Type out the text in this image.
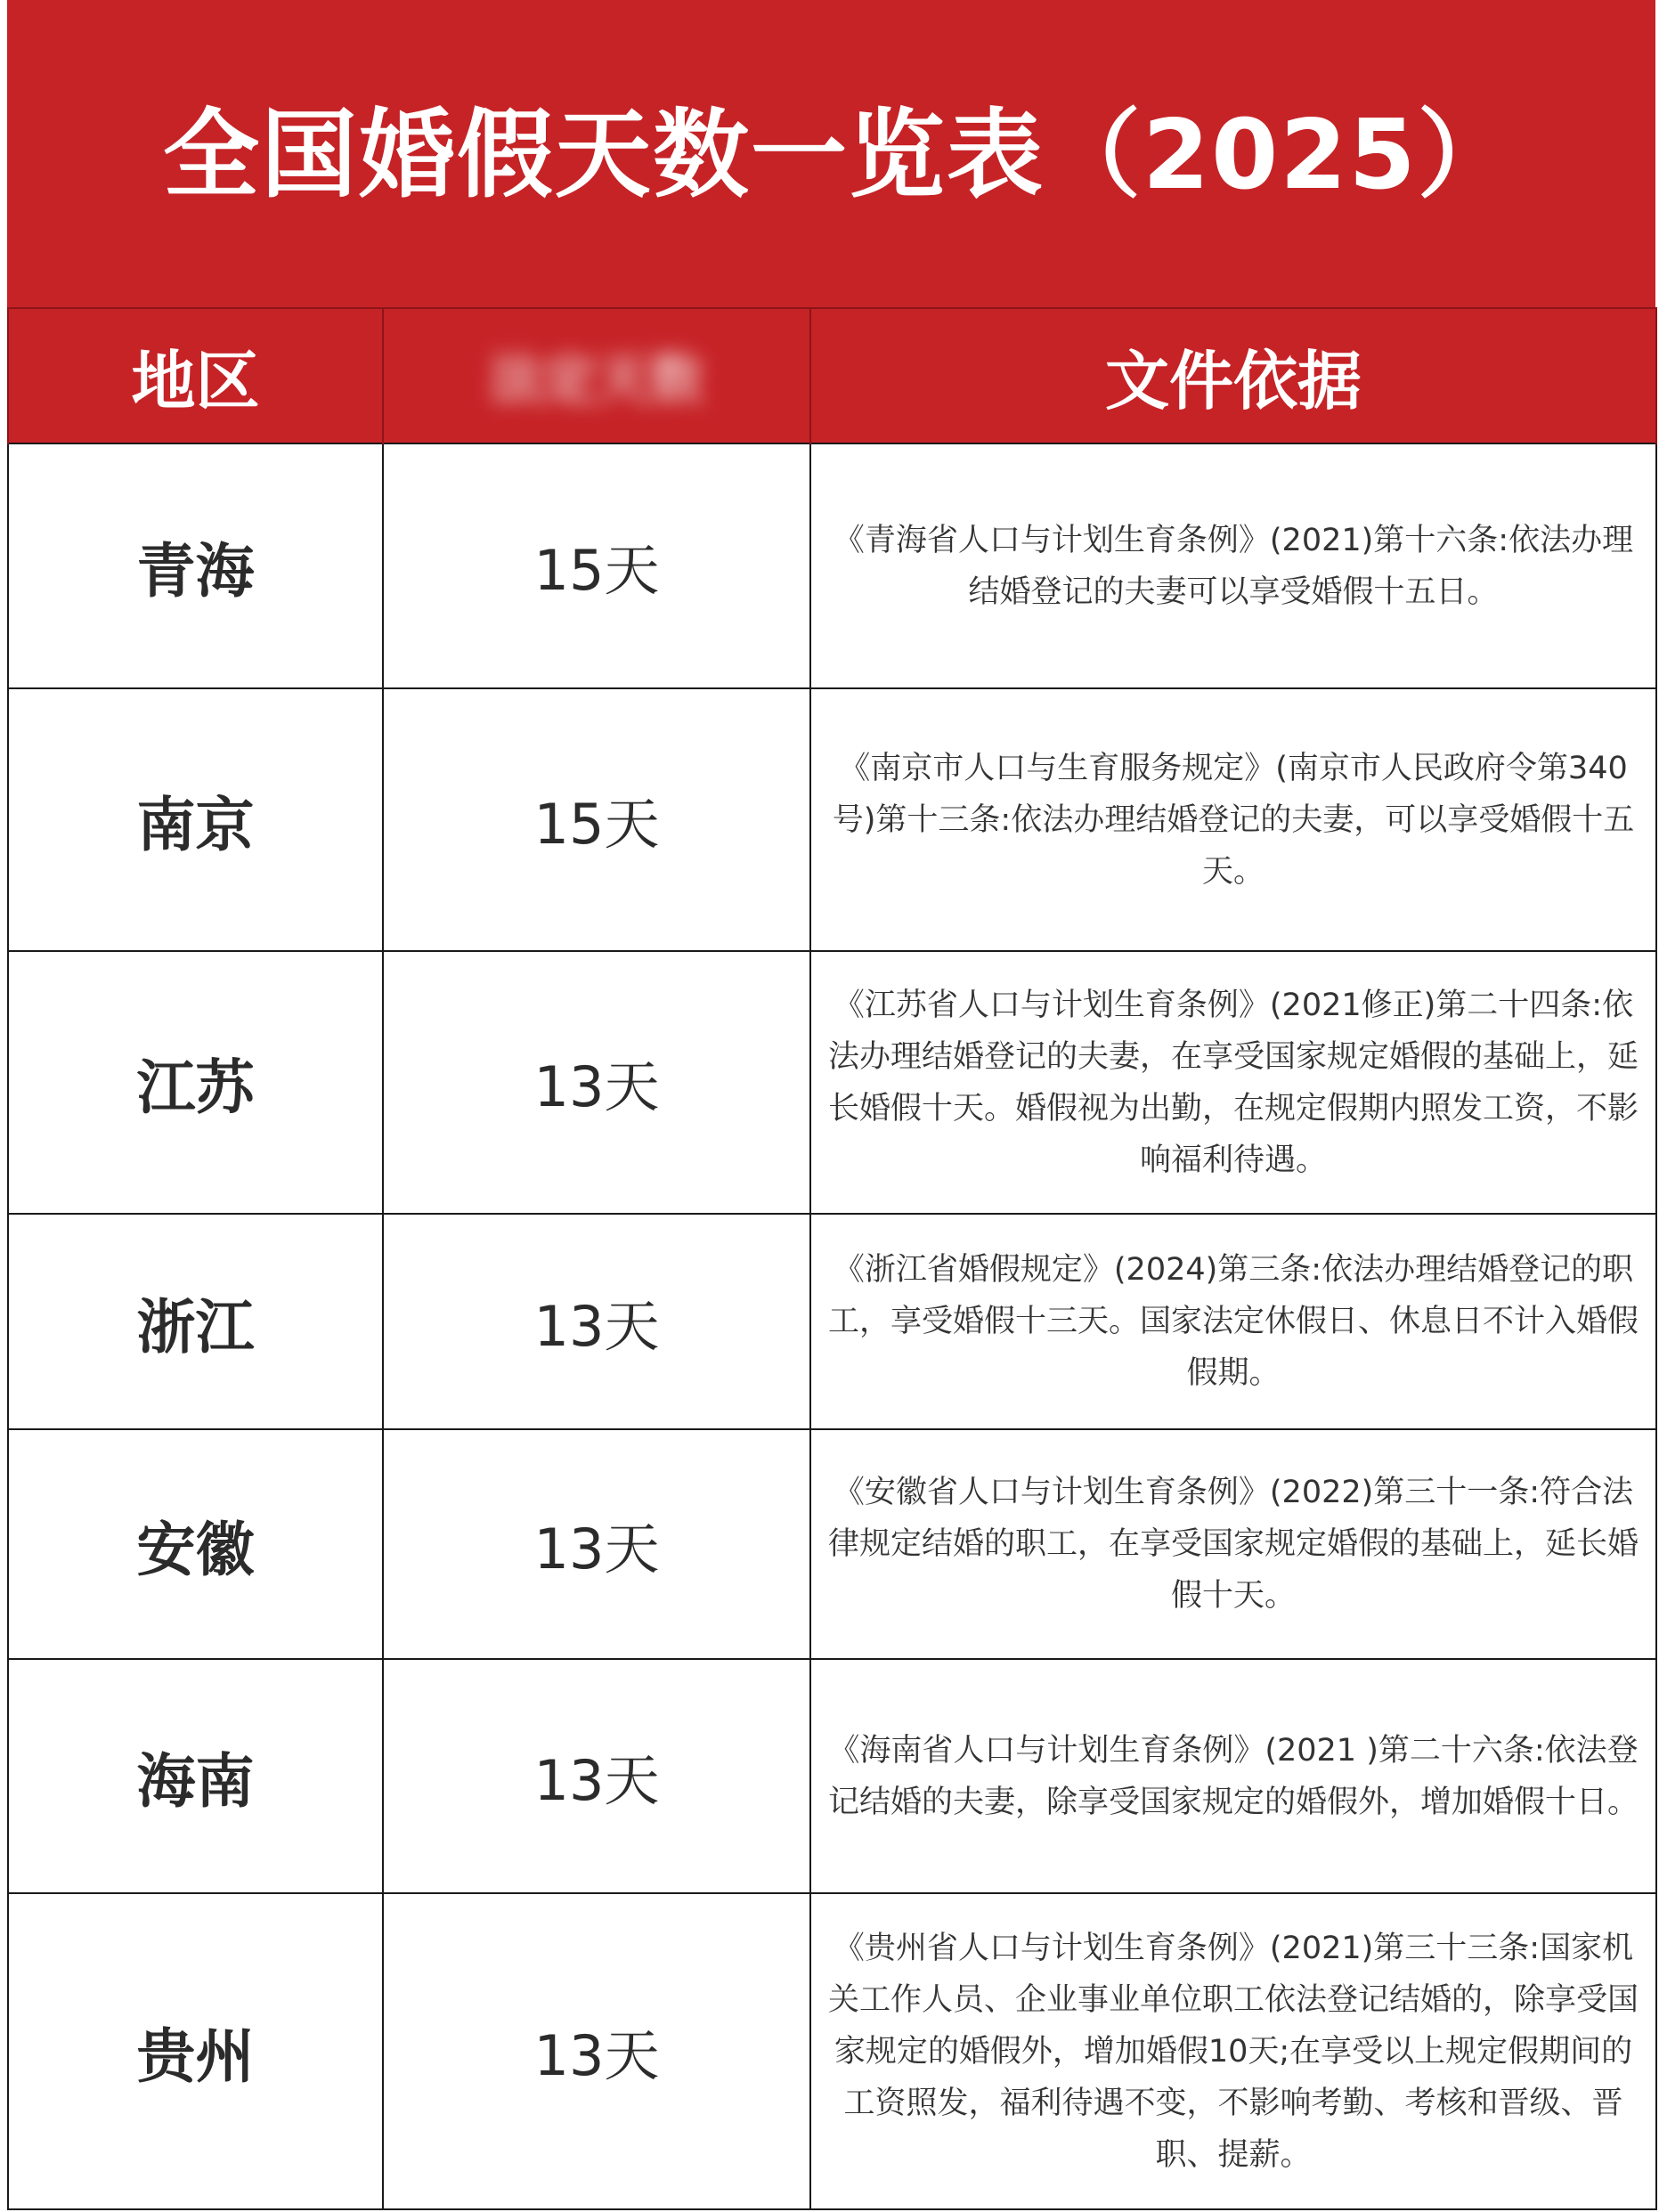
全国婚假天数一览表（2025）
地区	法定天数	文件依据
青海	15天	《青海省人口与计划生育条例》(2021)第十六条:依法办理结婚登记的夫妻可以享受婚假十五日。

南京	15天	《南京市人口与生育服务规定》(南京市人民政府令第340号)第十三条:依法办理结婚登记的夫妻，可以享受婚假十五天。

江苏	13天	《江苏省人口与计划生育条例》(2021修正)第二十四条:依法办理结婚登记的夫妻，在享受国家规定婚假的基础上，延长婚假十天。婚假视为出勤，在规定假期内照发工资，不影响福利待遇。

浙江	13天	《浙江省婚假规定》(2024)第三条:依法办理结婚登记的职工，享受婚假十三天。国家法定休假日、休息日不计入婚假假期。

安徽	13天	《安徽省人口与计划生育条例》(2022)第三十一条:符合法律规定结婚的职工，在享受国家规定婚假的基础上，延长婚假十天。

海南	13天	《海南省人口与计划生育条例》(2021 )第二十六条:依法登记结婚的夫妻，除享受国家规定的婚假外，增加婚假十日。

贵州	13天	《贵州省人口与计划生育条例》(2021)第三十三条:国家机关工作人员、企业事业单位职工依法登记结婚的，除享受国家规定的婚假外，增加婚假10天;在享受以上规定假期间的工资照发，福利待遇不变，不影响考勤、考核和晋级、晋职、提薪。
